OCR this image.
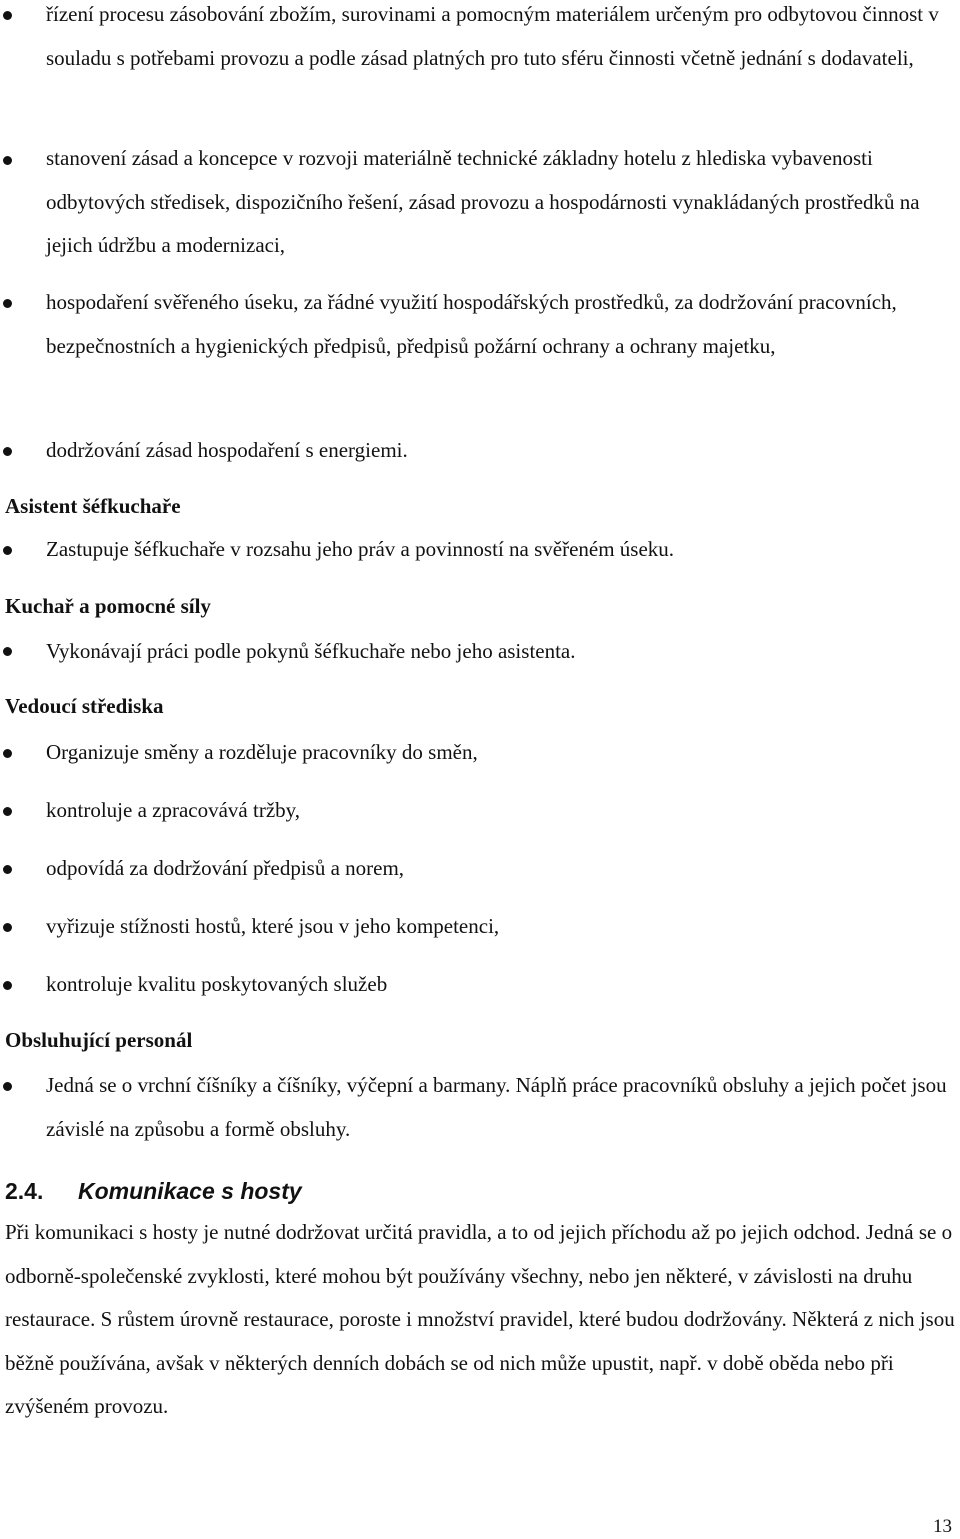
řízení procesu zásobování zbožím, surovinami a pomocným materiálem určeným pro odbytovou činnost v souladu s potřebami provozu a podle zásad platných pro tuto sféru činnosti včetně jednání s dodavateli,
stanovení zásad a koncepce v rozvoji materiálně technické základny hotelu z hlediska vybavenosti odbytových středisek, dispozičního řešení, zásad provozu a hospodárnosti vynakládaných prostředků na jejich údržbu a modernizaci,
hospodaření svěřeného úseku, za řádné využití hospodářských prostředků, za dodržování pracovních, bezpečnostních a hygienických předpisů, předpisů požární ochrany a ochrany majetku,
dodržování zásad hospodaření s energiemi.
Asistent šéfkuchaře
Zastupuje šéfkuchaře v rozsahu jeho práv a povinností na svěřeném úseku.
Kuchař a pomocné síly
Vykonávají práci podle pokynů šéfkuchaře nebo jeho asistenta.
Vedoucí střediska
Organizuje směny a rozděluje pracovníky do směn,
kontroluje a zpracovává tržby,
odpovídá za dodržování předpisů a norem,
vyřizuje stížnosti hostů, které jsou v jeho kompetenci,
kontroluje kvalitu poskytovaných služeb
Obsluhující personál
Jedná se o vrchní číšníky a číšníky, výčepní a barmany. Náplň práce pracovníků obsluhy a jejich počet jsou závislé na způsobu a formě obsluhy.
2.4. Komunikace s hosty
Při komunikaci s hosty je nutné dodržovat určitá pravidla, a to od jejich příchodu až po jejich odchod. Jedná se o odborně-společenské zvyklosti, které mohou být používány všechny, nebo jen některé, v závislosti na druhu restaurace. S růstem úrovně restaurace, poroste i množství pravidel, které budou dodržovány. Některá z nich jsou běžně používána, avšak v některých denních dobách se od nich může upustit, např. v době oběda nebo při zvýšeném provozu.
13
